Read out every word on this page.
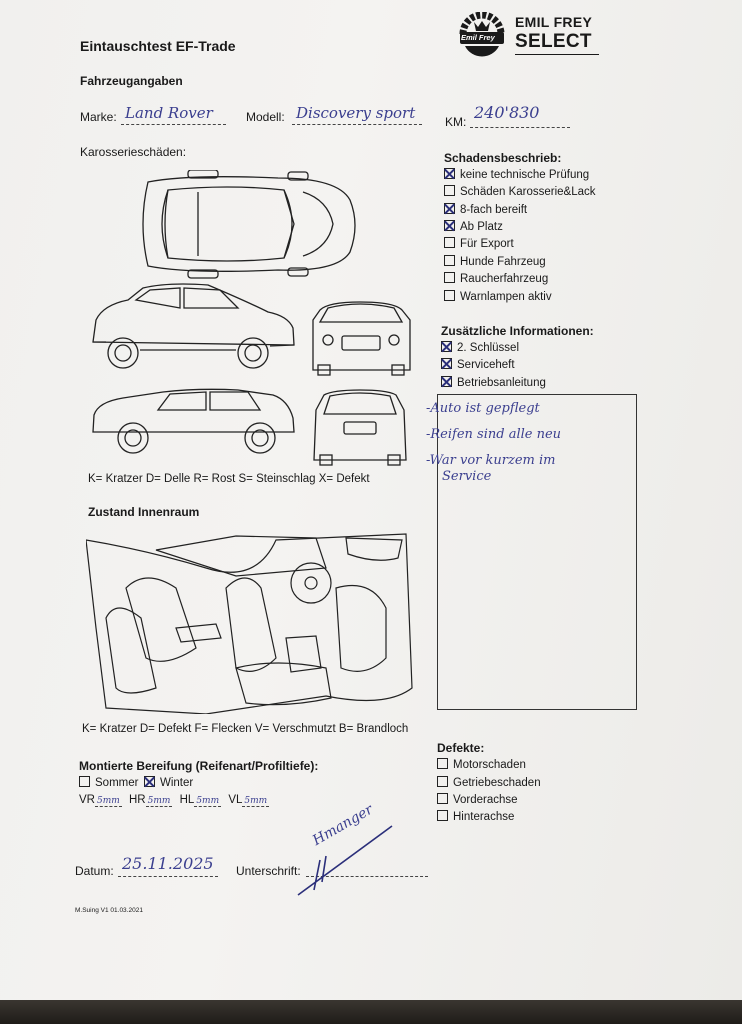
Eintauschtest EF-Trade
Emil Frey
EMIL FREY
SELECT
Fahrzeugangaben
Marke: Land Rover	Modell: Discovery sport KM: 240'830
Karosserieschäden:
K= Kratzer D= Delle R= Rost S= Steinschlag X= Defekt
Schadensbeschrieb:
keine technische Prüfung
Schäden Karosserie&Lack
8-fach bereift
Ab Platz
Für Export
Hunde Fahrzeug
Raucherfahrzeug
Warnlampen aktiv
Zusätzliche Informationen:
2. Schlüssel
Serviceheft
Betriebsanleitung
-Auto ist gepflegt
-Reifen sind alle neu
-War vor kurzem im
Service
Zustand Innenraum
K= Kratzer D= Defekt F= Flecken V= Verschmutzt B= Brandloch
Montierte Bereifung (Reifenart/Profiltiefe):
Sommer	Winter
VR 5mm HR 5mm HL 5mm VL 5mm
Defekte:
Motorschaden
Getriebeschaden
Vorderachse
Hinterachse
Datum: 25.11.2025 Unterschrift:
Hmanger
M.Suing V1 01.03.2021
